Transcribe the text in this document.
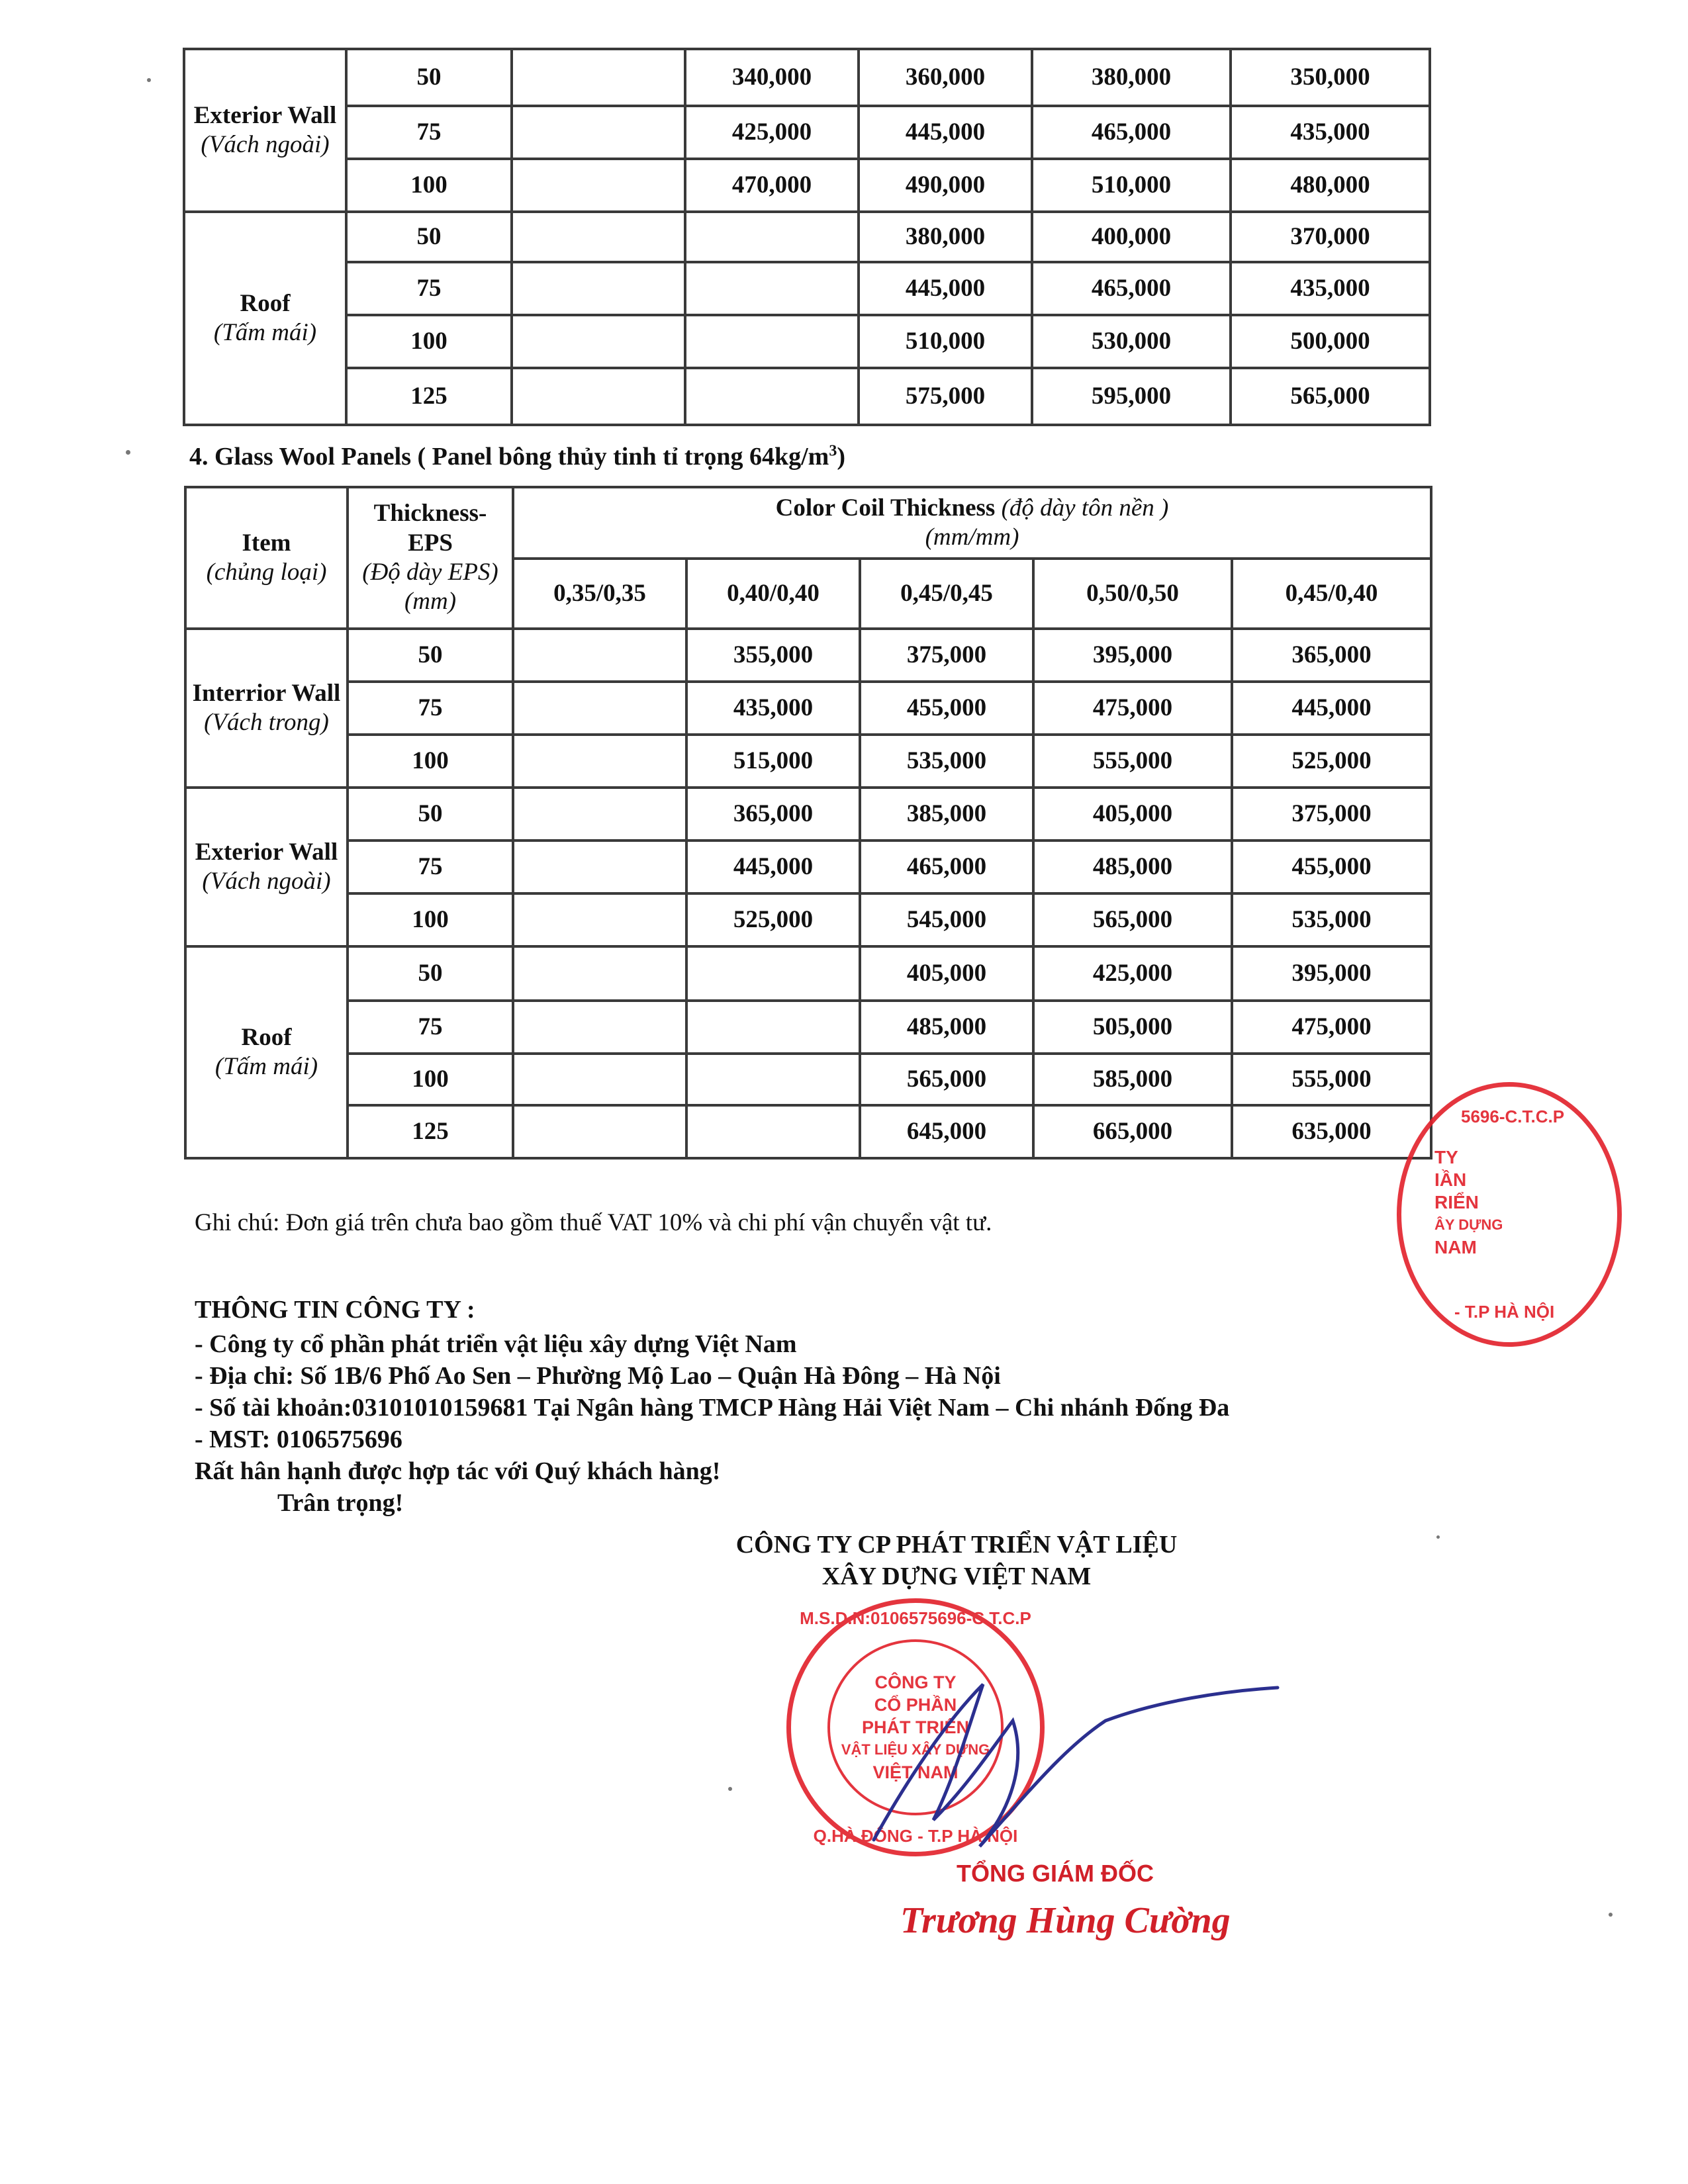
Exterior Wall
(Vách ngoài)	50		340,000	360,000	380,000	350,000
	75		425,000	445,000	465,000	435,000
	100		470,000	490,000	510,000	480,000

Roof
(Tấm mái)	50			380,000	400,000	370,000
	75			445,000	465,000	435,000
	100			510,000	530,000	500,000
	125			575,000	595,000	565,000
4. Glass Wool Panels ( Panel bông thủy tinh tỉ trọng $64kg/m^3$)
Item
(chủng loại)	Thickness-EPS
(Độ dày EPS)
(mm)	Color Coil Thickness (độ dày tôn nền )
(mm/mm)				

		0,35/0,35	0,40/0,40	0,45/0,45	0,50/0,50	0,45/0,40

Interrior Wall
(Vách trong)	50		355,000	375,000	395,000	365,000
	75		435,000	455,000	475,000	445,000
	100		515,000	535,000	555,000	525,000

Exterior Wall
(Vách ngoài)	50		365,000	385,000	405,000	375,000
	75		445,000	465,000	485,000	455,000
	100		525,000	545,000	565,000	535,000

Roof
(Tấm mái)	50			405,000	425,000	395,000
	75			485,000	505,000	475,000
	100			565,000	585,000	555,000
	125			645,000	665,000	635,000
Ghi chú: Đơn giá trên chưa bao gồm thuế VAT 10% và chi phí vận chuyển vật tư.
THÔNG TIN CÔNG TY :
- Công ty cổ phần phát triển vật liệu xây dựng Việt Nam
- Địa chỉ: Số 1B/6 Phố Ao Sen – Phường Mộ Lao – Quận Hà Đông – Hà Nội
- Số tài khoản:03101010159681 Tại Ngân hàng TMCP Hàng Hải Việt Nam – Chi nhánh Đống Đa
- MST: 0106575696
Rất hân hạnh được hợp tác với Quý khách hàng!
Trân trọng!
CÔNG TY CP PHÁT TRIỂN VẬT LIỆU
XÂY DỰNG VIỆT NAM
M.S.D.N:0106575696-C.T.C.P
CÔNG TY
CỔ PHẦN
PHÁT TRIỂN
VẬT LIỆU XÂY DỰNG
VIỆT NAM
Q.HÀ ĐÔNG - T.P HÀ NỘI
TỔNG GIÁM ĐỐC
Trương Hùng Cường
5696-C.T.C.P
TY
IẦN
RIỂN
ÂY DỰNG
NAM
- T.P HÀ NỘI
